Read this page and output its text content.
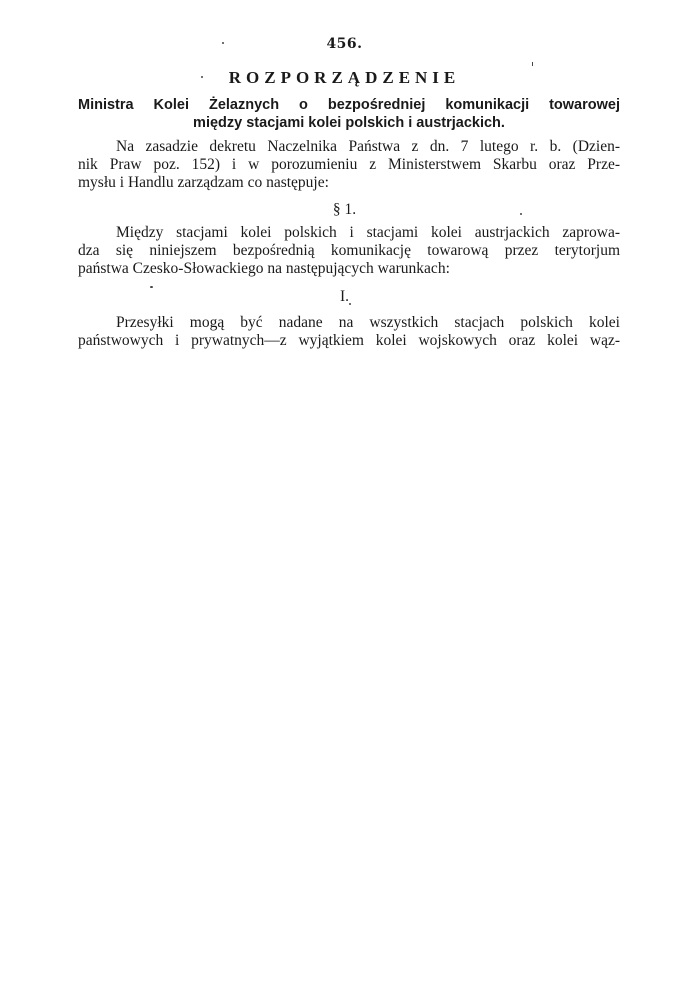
456.
ROZPORZĄDZENIE
Ministra Kolei Żelaznych o bezpośredniej komunikacji towarowej
między stacjami kolei polskich i austrjackich.
Na zasadzie dekretu Naczelnika Państwa z dn. 7 lutego r. b. (Dzien-
nik Praw poz. 152) i w porozumieniu z Ministerstwem Skarbu oraz Prze-
mysłu i Handlu zarządzam co następuje:
§ 1.
Między stacjami kolei polskich i stacjami kolei austrjackich zaprowa-
dza się niniejszem bezpośrednią komunikację towarową przez terytorjum
państwa Czesko-Słowackiego na następujących warunkach:
I.
Przesyłki mogą być nadane na wszystkich stacjach polskich kolei
państwowych i prywatnych—z wyjątkiem kolei wojskowych oraz kolei wąz-
